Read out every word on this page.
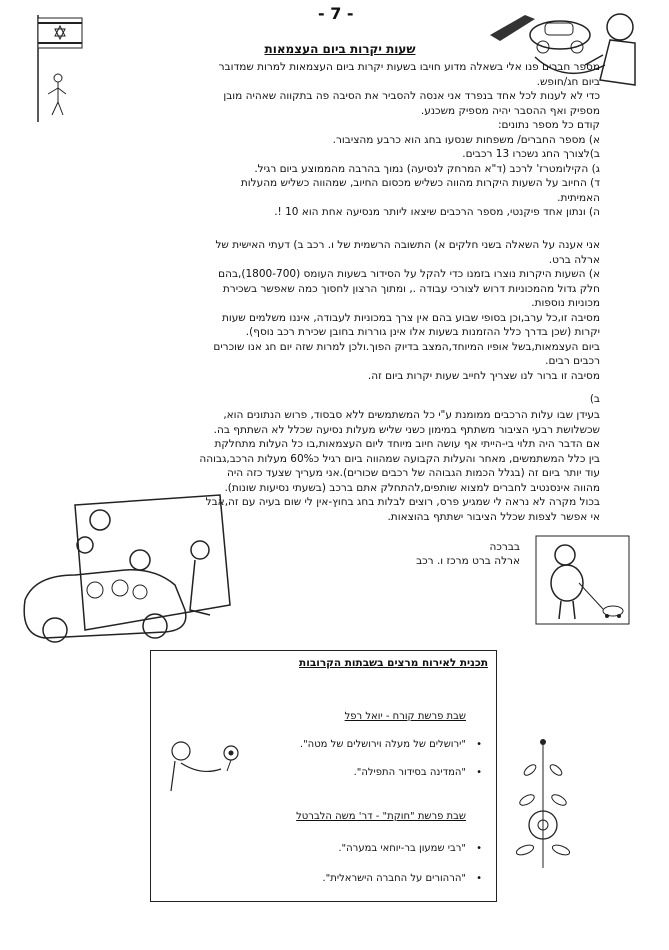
- 7 -
שעות יקרות ביום העצמאות

מספר חברים פנו אלי בשאלה מדוע חויבו בשעות יקרות ביום העצמאות למרות שמדובר

ביום חג/חופש.

כדי לא לענות לכל אחד בנפרד אני אנסה להסביר את הסיבה פה בתקווה שאהיה מובן

מספיק ואף ההסבר יהיה מספיק משכנע.

קודם כל מספר נתונים:

א) מספר החברים/ משפחות שנסעו בחג הוא כרבע מהציבור.

ב)לצורך החג נשכרו 13 רכבים.

ג) הקילומטרז' לרכב (ד"א המרחק לנסיעה) נמוך בהרבה מהממוצע ביום רגיל.

ד) החיוב על השעות היקרות מהווה כשליש מכסום החיוב, שמהווה כשליש מהעלות

האמיתית.

ה) ונתון אחד פיקנטי, מספר הרכבים שיצאו ליותר מנסיעה אחת הוא 10 !.

אני אענה על השאלה בשני חלקים א) התשובה הרשמית של ו. רכב ב) דעתי האישית של

ארלה ברט.

א) השעות היקרות נוצרו בזמנו כדי להקל על הסידור בשעות העומס (1800-700),בהם

חלק גדול מהמכוניות דרוש לצורכי עבודה ., ומתוך הרצון לחסוך כמה שאפשר בשכירת

מכוניות נוספות.

מסיבה זו,כל ערב,וכן בסופי שבוע בהם אין צרך במכוניות לעבודה, איננו משלמים שעות

יקרות (שכן בדרך כלל ההזמנות בשעות אלו אינן גוררות בחובן שכירת רכב נוסף).

ביום העצמאות,בשל אופיו המיוחד,המצב בדיוק הפוך.ולכן למרות שזה יום חג אנו שוכרים

רכבים רבים.

מסיבה זו ברור לנו שצריך לחייב שעות יקרות ביום זה.

ב)

בעידן שבו עלות הרכבים ממומנת ע"י כל המשתמשים ללא סבסוד, פרוש הנתונים הוא,

שכשלושת רבעי הציבור משתתף במימון כשני שליש מעלות נסיעה שכלל לא השתתף בה.

אם הדבר היה תלוי בי-הייתי אף עושה חיוב מיוחד ליום העצמאות,בו כל העלות מתחלקת

בין כלל המשתמשים, מאחר והעלות הקבועה שמהווה ביום רגיל כ60% מעלות הרכב,גבוהה

עוד יותר ביום זה (בגלל הכמות הגבוהה של רכבים שכורים).אני מעריך שצעד כזה היה

מהווה אינסנטיב לחברים למצוא שותפים,להתחלק אתם ברכב (בשעתי נסיעות שונות).

בכול מקרה לא נראה לי שמגיע פרס, רוצים לבלות בחג בחוץ-אין לי שום בעיה עם זה,אבל

אי אפשר לצפות שכלל הציבור ישתתף בהוצאות.

בברכה
ארלה ברט מרכז ו. רכב
תכנית לאירוח מרצים בשבתות הקרובות
שבת פרשת קורח - יואל רפל
•
"ירושלים של מעלה וירושלים של מטה".
•
"המדינה בסידור התפילה".
שבת פרשת "חוקת" - דר' משה הלברטל
•
"רבי שמעון בר-יוחאי במערה".
•
"הרהורים על החברה הישראלית".
